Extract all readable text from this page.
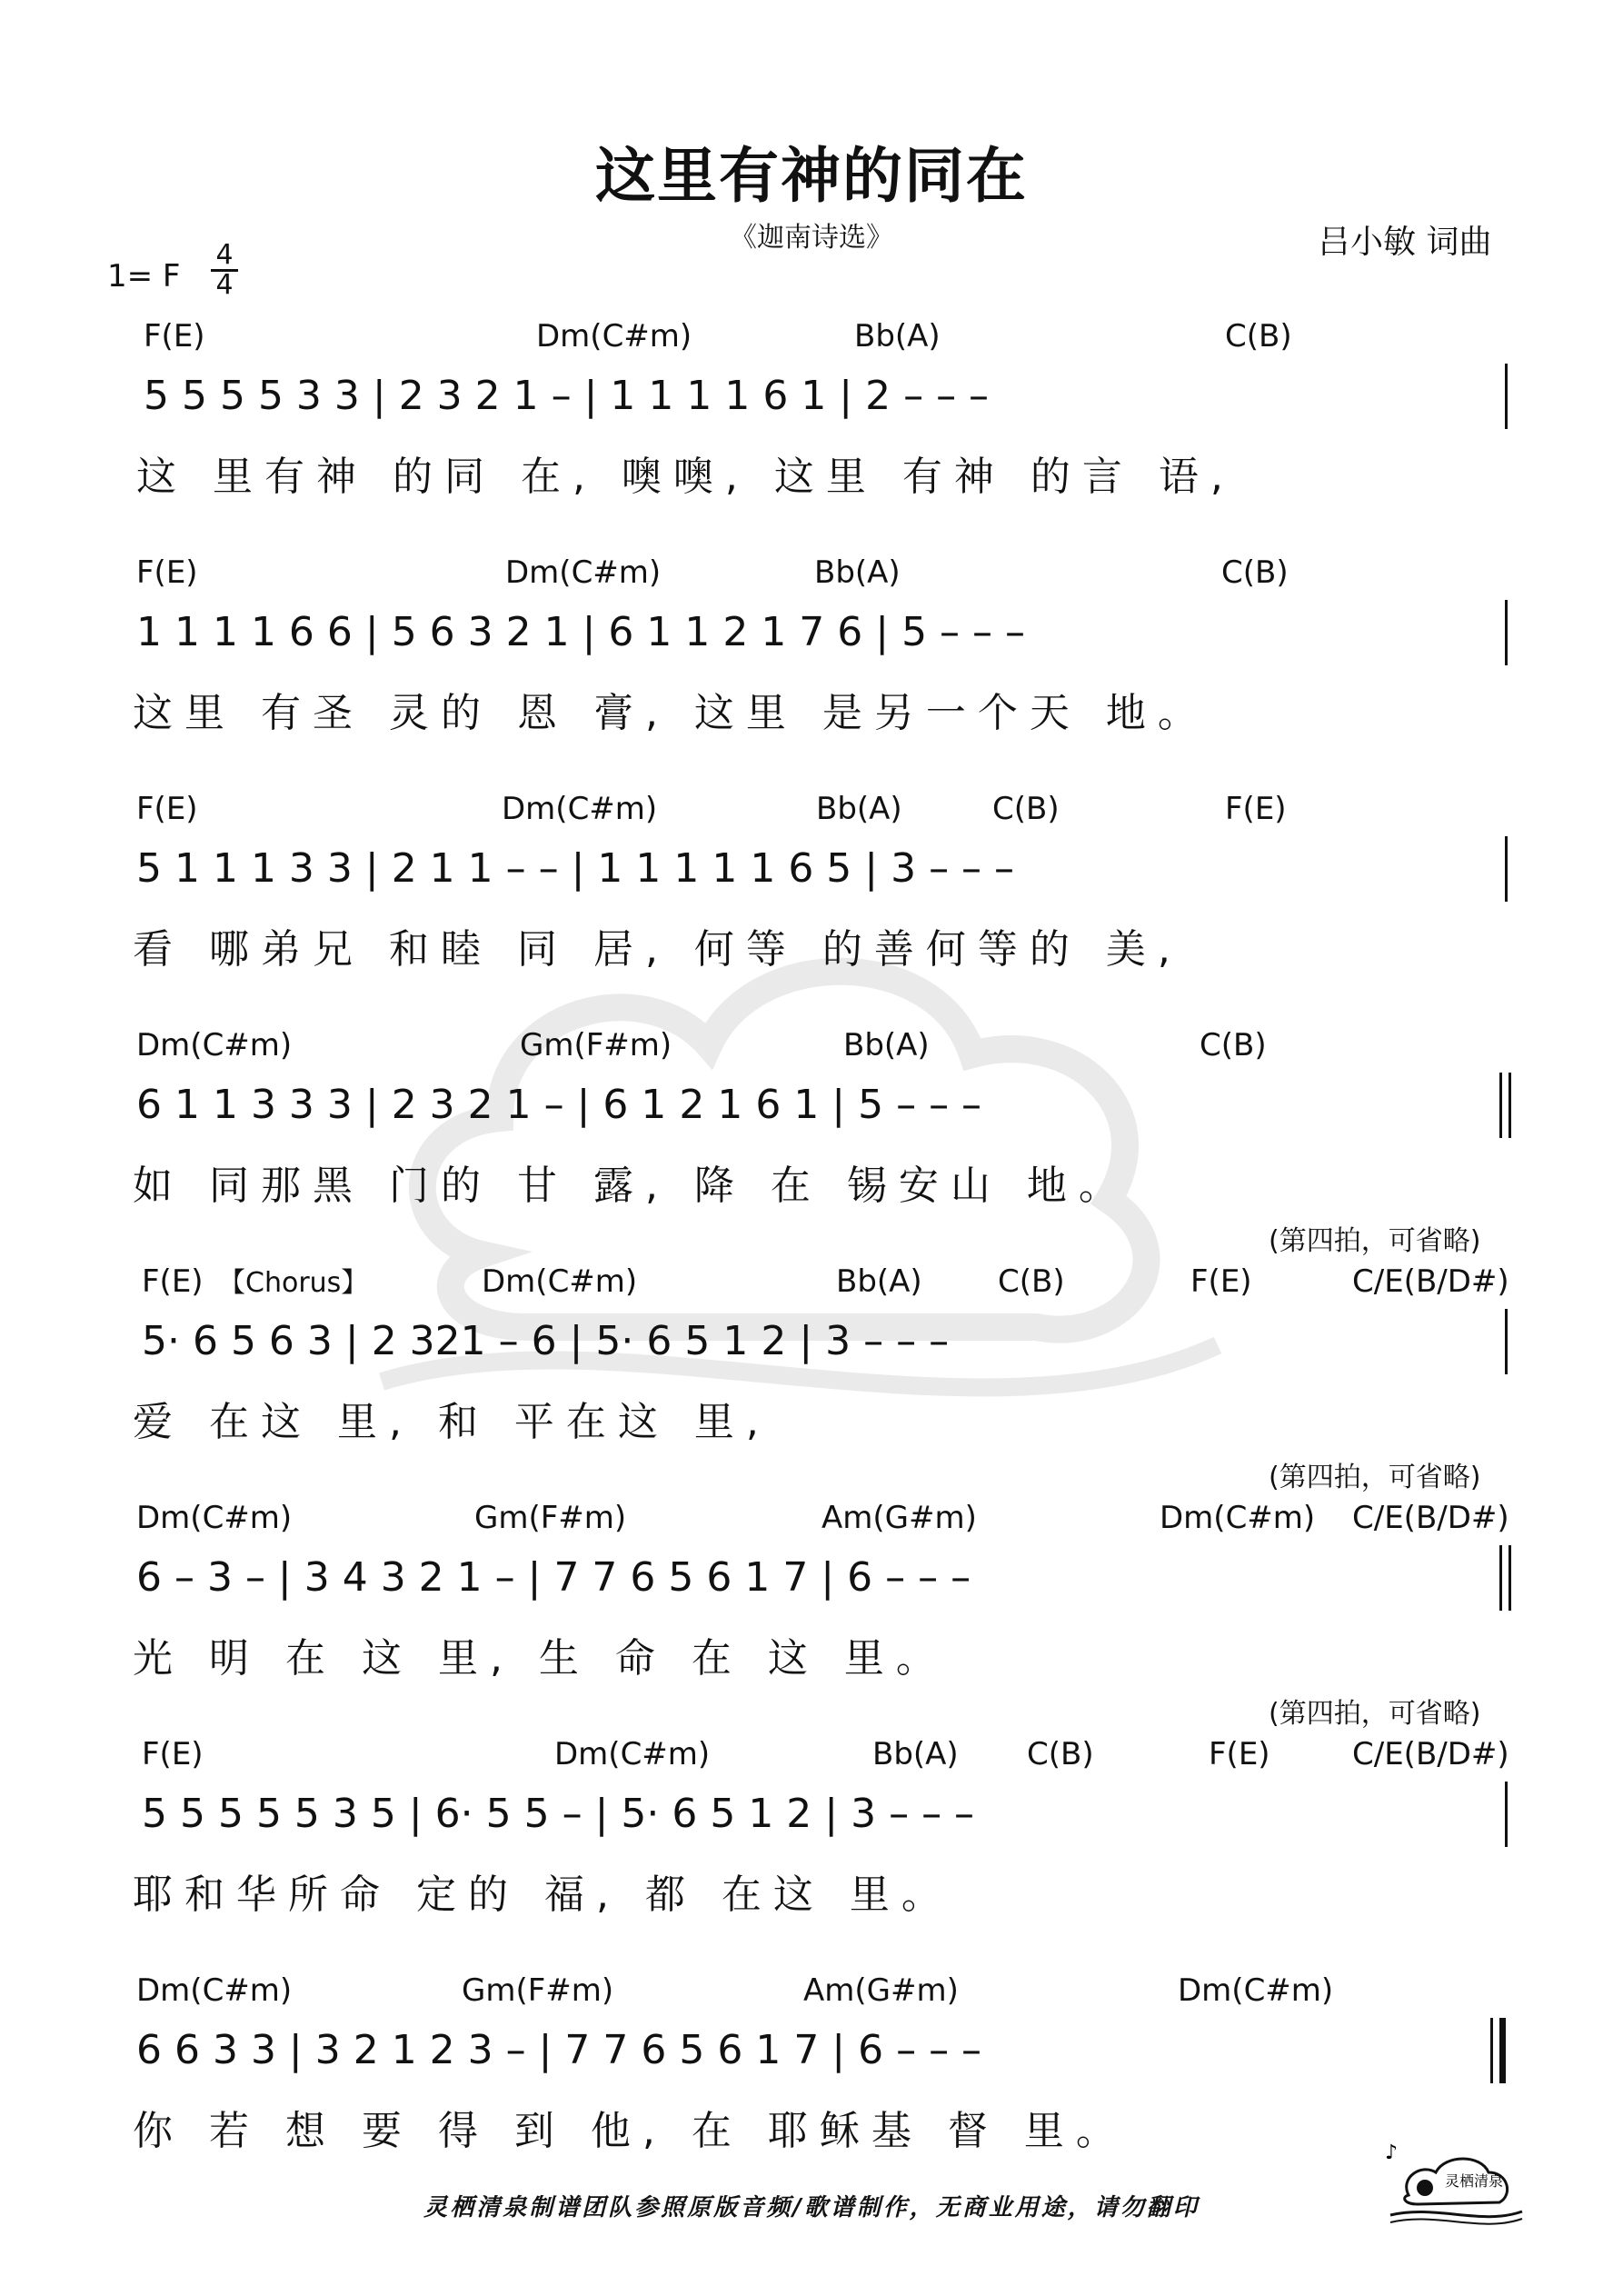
这里有神的同在
《迦南诗选》	吕小敏 词曲
1= F
4
4
F(E)	Dm(C#m)	Bb(A)	C(B)
5 5 5 5 3 3 | 2 3 2 1 – | 1 1 1 1 6 1 | 2 – – –
这 里有神 的同 在, 噢噢, 这里 有神 的言 语,
F(E)	Dm(C#m)	Bb(A)	C(B)
1 1 1 1 6 6 | 5 6 3 2 1 | 6 1 1 2 1 7 6 | 5 – – –
这里 有圣 灵的 恩 膏, 这里 是另一个天 地。
F(E)	Dm(C#m)	Bb(A)	C(B)	F(E)
5 1 1 1 3 3 | 2 1 1 – – | 1 1 1 1 1 6 5 | 3 – – –
看 哪弟兄 和睦 同 居, 何等 的善何等的 美,
Dm(C#m)	Gm(F#m)	Bb(A)	C(B)
6 1 1 3 3 3 | 2 3 2 1 – | 6 1 2 1 6 1 | 5 – – –
如 同那黑 门的 甘 露, 降 在 锡安山 地。
(第四拍，可省略)
F(E) 【Chorus】	Dm(C#m)	Bb(A) C(B)	F(E)	C/E(B/D#)
5· 6 5 6 3 | 2 321 – 6 | 5· 6 5 1 2 | 3 – – –
爱 在这 里, 和 平在这 里,
(第四拍，可省略)
Dm(C#m)	Gm(F#m)	Am(G#m)	Dm(C#m) C/E(B/D#)
6 – 3 – | 3 4 3 2 1 – | 7 7 6 5 6 1 7 | 6 – – –
光 明 在 这 里, 生 命 在 这 里。
(第四拍，可省略)
F(E)	Dm(C#m)	Bb(A) C(B)	F(E)	C/E(B/D#)
5 5 5 5 5 3 5 | 6· 5 5 – | 5· 6 5 1 2 | 3 – – –
耶和华所命 定的 福, 都 在这 里。
Dm(C#m)	Gm(F#m)	Am(G#m)	Dm(C#m)
6 6 3 3 | 3 2 1 2 3 – | 7 7 6 5 6 1 7 | 6 – – –
你 若 想 要 得 到 他, 在 耶稣基 督 里。
灵栖清泉制谱团队参照原版音频/歌谱制作，无商业用途，请勿翻印
♪
灵栖清泉
